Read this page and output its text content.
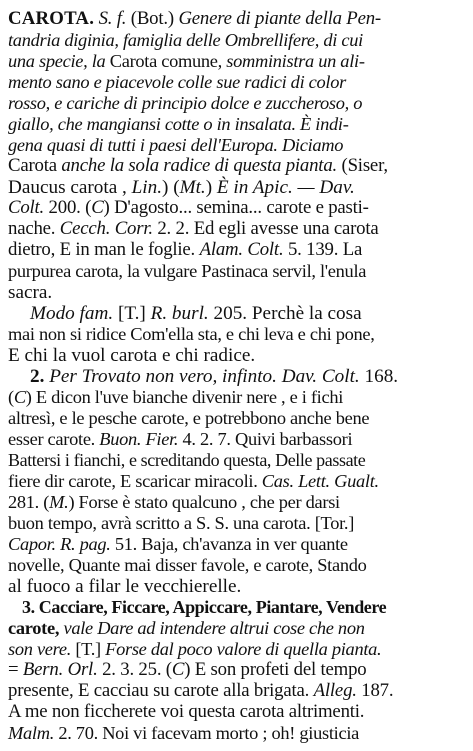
CAROTA. S. f. (Bot.) Genere di piante della Pen-
tandria diginia, famiglia delle Ombrellifere, di cui
una specie, la Carota comune, somministra un ali-
mento sano e piacevole colle sue radici di color
rosso, e cariche di principio dolce e zuccheroso, o
giallo, che mangiansi cotte o in insalata. È indi-
gena quasi di tutti i paesi dell'Europa. Diciamo
Carota anche la sola radice di questa pianta. (Siser,
Daucus carota , Lin.) (Mt.) È in Apic. — Dav.
Colt. 200. (C) D'agosto... semina... carote e pasti-
nache. Cecch. Corr. 2. 2. Ed egli avesse una carota
dietro, E in man le foglie. Alam. Colt. 5. 139. La
purpurea carota, la vulgare Pastinaca servil, l'enula
sacra.
Modo fam. [T.] R. burl. 205. Perchè la cosa
mai non si ridice Com'ella sta, e chi leva e chi pone,
E chi la vuol carota e chi radice.
2. Per Trovato non vero, infinto. Dav. Colt. 168.
(C) E dicon l'uve bianche divenir nere , e i fichi
altresì, e le pesche carote, e potrebbono anche bene
esser carote. Buon. Fier. 4. 2. 7. Quivi barbassori
Battersi i fianchi, e screditando questa, Delle passate
fiere dir carote, E scaricar miracoli. Cas. Lett. Gualt.
281. (M.) Forse è stato qualcuno , che per darsi
buon tempo, avrà scritto a S. S. una carota. [Tor.]
Capor. R. pag. 51. Baja, ch'avanza in ver quante
novelle, Quante mai disser favole, e carote, Stando
al fuoco a filar le vecchierelle.
3. Cacciare, Ficcare, Appiccare, Piantare, Vendere
carote, vale Dare ad intendere altrui cose che non
son vere. [T.] Forse dal poco valore di quella pianta.
= Bern. Orl. 2. 3. 25. (C) E son profeti del tempo
presente, E cacciau su carote alla brigata. Alleg. 187.
A me non ficcherete voi questa carota altrimenti.
Malm. 2. 70. Noi vi facevam morto ; oh! giusticia
